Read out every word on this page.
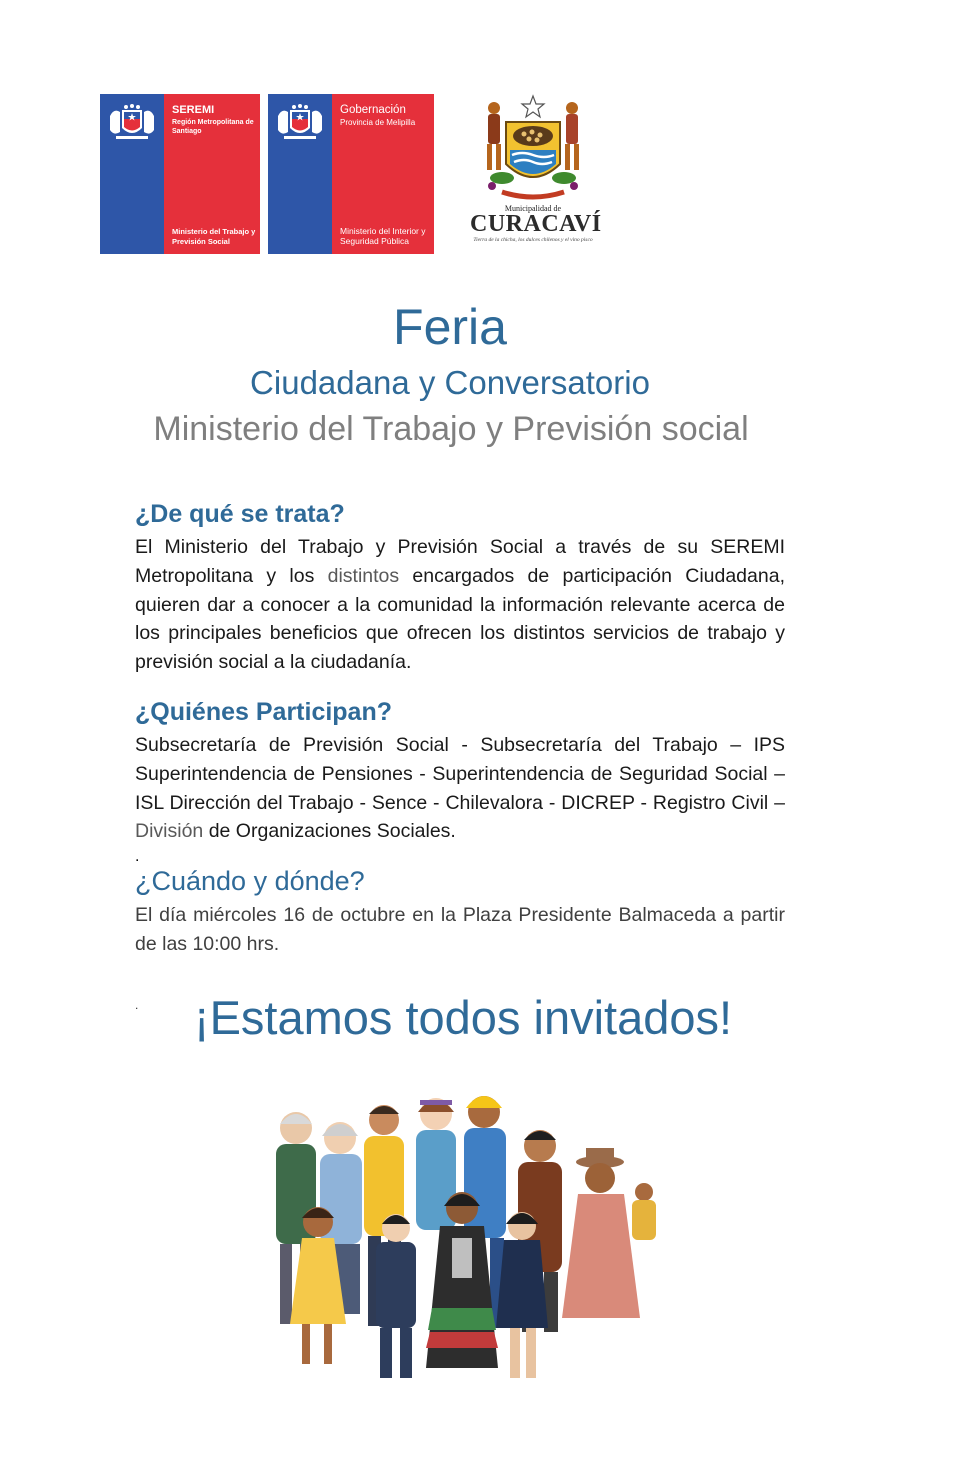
SEREMI
Región Metropolitana de Santiago
Ministerio del Trabajo y Previsión Social
Gobernación
Provincia de Melipilla
Ministerio del Interior y Seguridad Pública
Municipalidad de
CURACAVÍ
Tierra de la chicha, los dulces chilenos y el vino pisco
Feria
Ciudadana y Conversatorio
Ministerio del Trabajo y Previsión social
¿De qué se trata?

El Ministerio del Trabajo y Previsión Social a través de su SEREMI Metropolitana y los distintos encargados de participación Ciudadana, quieren dar a conocer a la comunidad la información relevante acerca de los principales beneficios que ofrecen los distintos servicios de trabajo y previsión social a la ciudadanía.

¿Quiénes Participan?

Subsecretaría de Previsión Social - Subsecretaría del Trabajo – IPS Superintendencia de Pensiones - Superintendencia de Seguridad Social – ISL Dirección del Trabajo - Sence - Chilevalora - DICREP - Registro Civil – División de Organizaciones Sociales.

.
¿Cuándo y dónde?

El día miércoles 16 de octubre en la Plaza Presidente Balmaceda a partir de las 10:00 hrs.

.	¡Estamos todos invitados!
